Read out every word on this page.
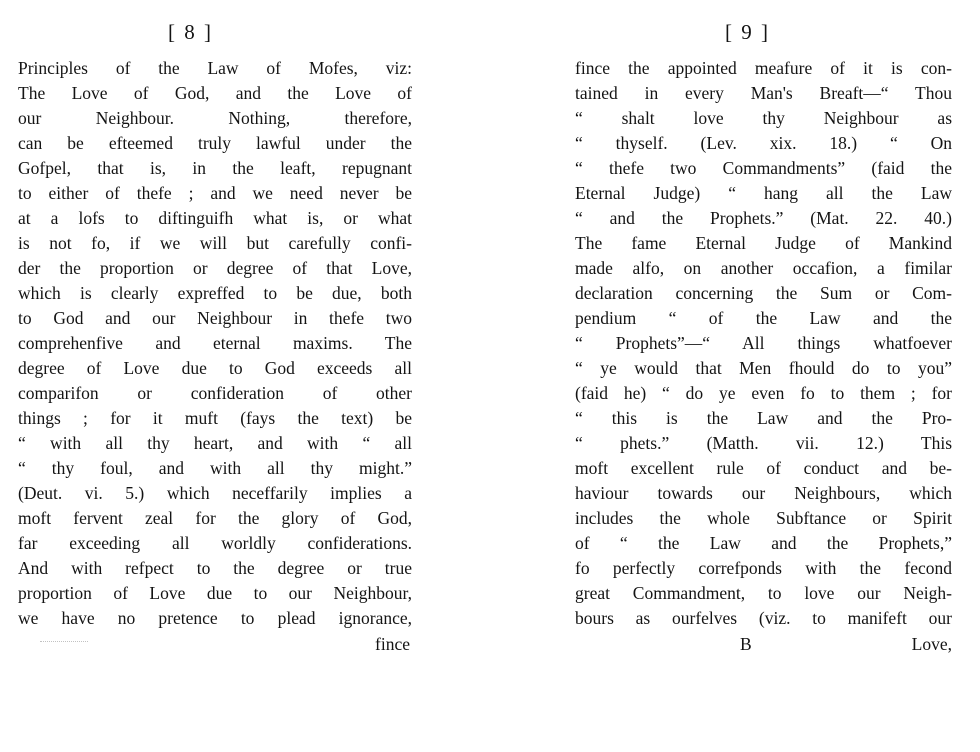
[ 8 ]
Principles of the Law of Mofes, viz:
The Love of God, and the Love of
our Neighbour. Nothing, therefore,
can be efteemed truly lawful under the
Gofpel, that is, in the leaft, repugnant
to either of thefe ; and we need never be
at a lofs to diftinguifh what is, or what
is not fo, if we will but carefully confi-
der the proportion or degree of that Love,
which is clearly expreffed to be due, both
to God and our Neighbour in thefe two
comprehenfive and eternal maxims. The
degree of Love due to God exceeds all
comparifon or confideration of other
things ; for it muft (fays the text) be
“ with all thy heart, and with “ all
“ thy foul, and with all thy might.”
(Deut. vi. 5.) which neceffarily implies a
moft fervent zeal for the glory of God,
far exceeding all worldly confiderations.
And with refpect to the degree or true
proportion of Love due to our Neighbour,
we have no pretence to plead ignorance,
fince
[ 9 ]
fince the appointed meafure of it is con-
tained in every Man's Breaft—“ Thou
“ shalt love thy Neighbour as
“ thyself. (Lev. xix. 18.) “ On
“ thefe two Commandments” (faid the
Eternal Judge) “ hang all the Law
“ and the Prophets.” (Mat. 22. 40.)
The fame Eternal Judge of Mankind
made alfo, on another occafion, a fimilar
declaration concerning the Sum or Com-
pendium “ of the Law and the
“ Prophets”—“ All things whatfoever
“ ye would that Men fhould do to you”
(faid he) “ do ye even fo to them ; for
“ this is the Law and the Pro-
“ phets.” (Matth. vii. 12.) This
moft excellent rule of conduct and be-
haviour towards our Neighbours, which
includes the whole Subftance or Spirit
of “ the Law and the Prophets,”
fo perfectly correfponds with the fecond
great Commandment, to love our Neigh-
bours as ourfelves (viz. to manifeft our
B	Love,
